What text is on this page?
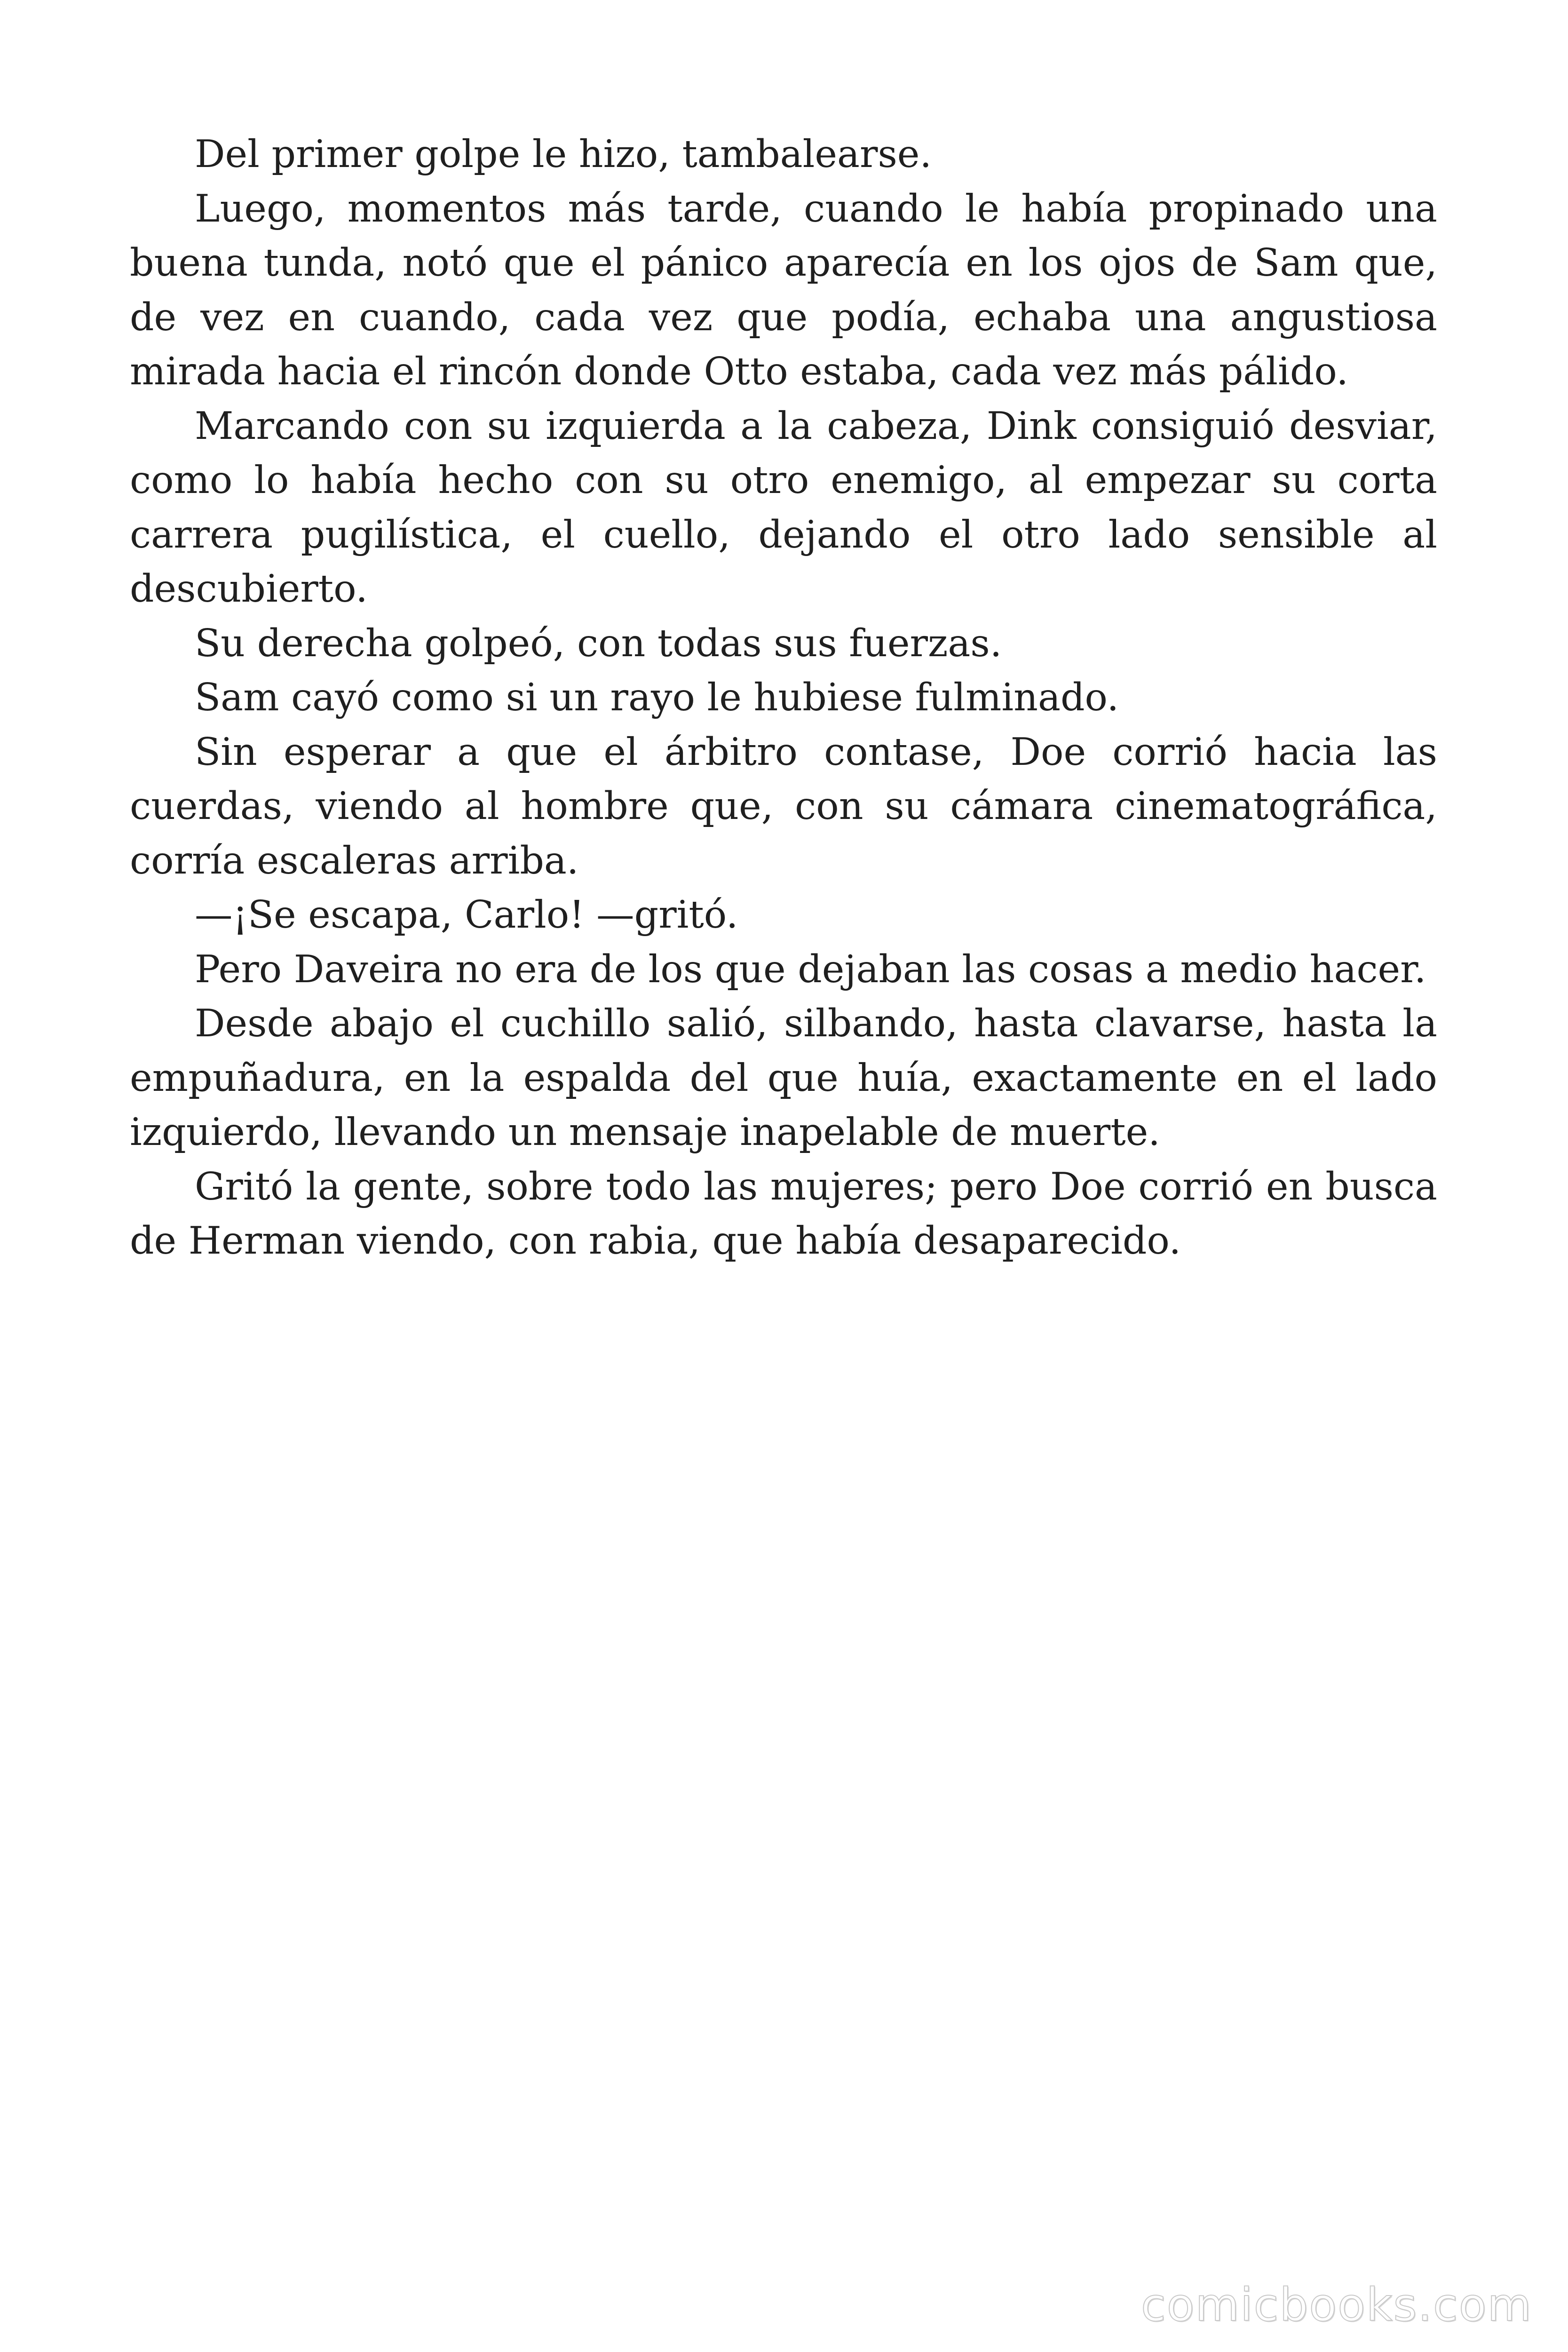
Del primer golpe le hizo, tambalearse.

Luego, momentos más tarde, cuando le había propinado una buena tunda, notó que el pánico aparecía en los ojos de Sam que, de vez en cuando, cada vez que podía, echaba una angustiosa mirada hacia el rincón donde Otto estaba, cada vez más pálido.

Marcando con su izquierda a la cabeza, Dink consiguió desviar, como lo había hecho con su otro enemigo, al empezar su corta carrera pugilística, el cuello, dejando el otro lado sensible al descubierto.

Su derecha golpeó, con todas sus fuerzas.

Sam cayó como si un rayo le hubiese fulminado.

Sin esperar a que el árbitro contase, Doe corrió hacia las cuerdas, viendo al hombre que, con su cámara cinematográfica, corría escaleras arriba.

—¡Se escapa, Carlo! —gritó.

Pero Daveira no era de los que dejaban las cosas a medio hacer.

Desde abajo el cuchillo salió, silbando, hasta clavarse, hasta la empuñadura, en la espalda del que huía, exactamente en el lado izquierdo, llevando un mensaje inapelable de muerte.

Gritó la gente, sobre todo las mujeres; pero Doe corrió en busca de Herman viendo, con rabia, que había desaparecido.

comicbooks.com
